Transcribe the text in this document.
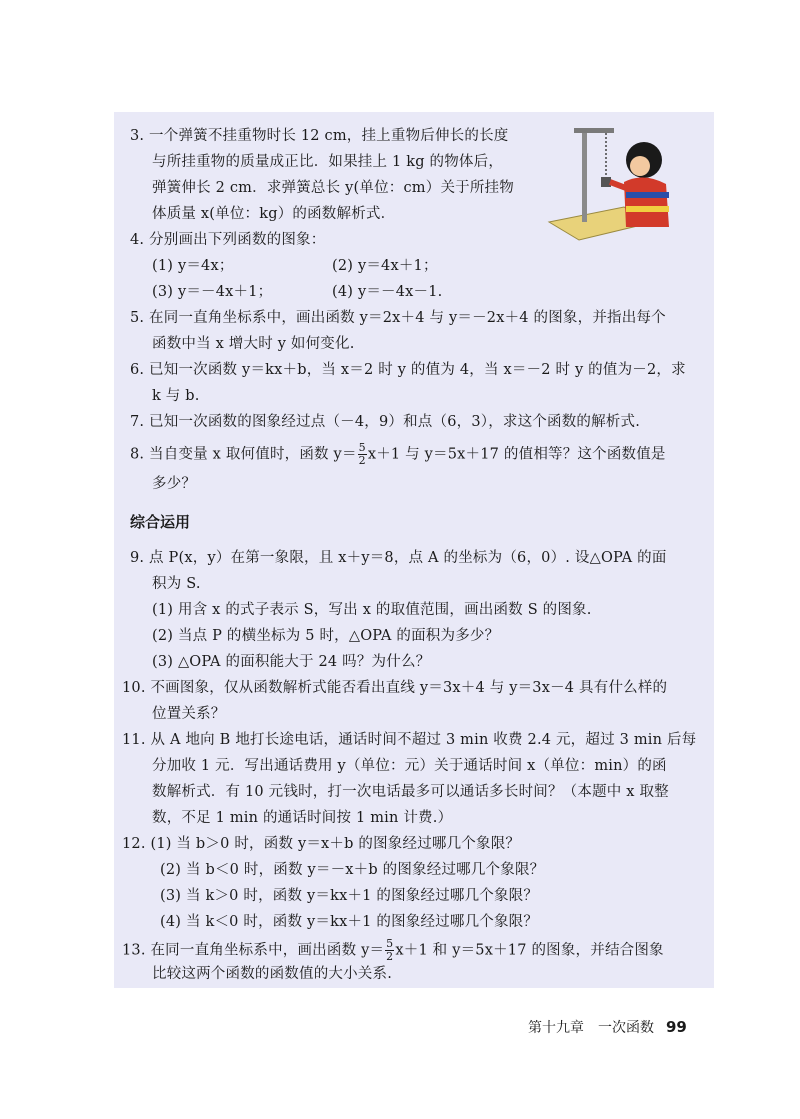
3. 一个弹簧不挂重物时长 12 cm，挂上重物后伸长的长度
与所挂重物的质量成正比．如果挂上 1 kg 的物体后，
弹簧伸长 2 cm．求弹簧总长 y(单位：cm）关于所挂物
体质量 x(单位：kg）的函数解析式．
4. 分别画出下列函数的图象：
(1) y＝4x；	(2) y＝4x＋1；
(3) y＝－4x＋1；	(4) y＝－4x－1.
5. 在同一直角坐标系中，画出函数 y＝2x＋4 与 y＝－2x＋4 的图象，并指出每个
函数中当 x 增大时 y 如何变化.
6. 已知一次函数 y＝kx＋b，当 x＝2 时 y 的值为 4，当 x＝－2 时 y 的值为－2，求
k 与 b.
7. 已知一次函数的图象经过点（－4，9）和点（6，3），求这个函数的解析式.
8. 当自变量 x 取何值时，函数 $y= \frac{5}{2} x+1$ 与 y＝5x＋17 的值相等？这个函数值是
多少？
综合运用
9. 点 P(x，y）在第一象限，且 x＋y＝8，点 A 的坐标为（6，0）. 设△OPA 的面
积为 S.
(1) 用含 x 的式子表示 S，写出 x 的取值范围，画出函数 S 的图象.
(2) 当点 P 的横坐标为 5 时，△OPA 的面积为多少？
(3) △OPA 的面积能大于 24 吗？为什么？
10. 不画图象，仅从函数解析式能否看出直线 y＝3x＋4 与 y＝3x－4 具有什么样的
位置关系？
11. 从 A 地向 B 地打长途电话，通话时间不超过 3 min 收费 2.4 元，超过 3 min 后每
分加收 1 元．写出通话费用 y（单位：元）关于通话时间 x（单位：min）的函
数解析式．有 10 元钱时，打一次电话最多可以通话多长时间？（本题中 x 取整
数，不足 1 min 的通话时间按 1 min 计费.）
12. (1) 当 b＞0 时，函数 y＝x＋b 的图象经过哪几个象限？
(2) 当 b＜0 时，函数 y＝－x＋b 的图象经过哪几个象限？
(3) 当 k＞0 时，函数 y＝kx＋1 的图象经过哪几个象限？
(4) 当 k＜0 时，函数 y＝kx＋1 的图象经过哪几个象限？
13. 在同一直角坐标系中，画出函数 $y= \frac{5}{2} x+1$ 和 y＝5x＋17 的图象，并结合图象
比较这两个函数的函数值的大小关系.
第十九章　一次函数 99
